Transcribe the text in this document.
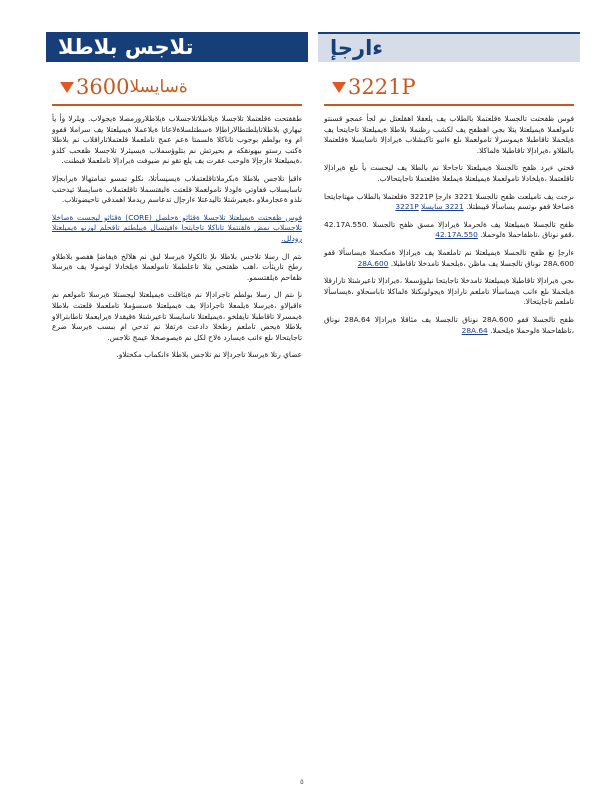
تلاجس بلاطلا
ةسايسلا
3600

طقفتحت ةقلعتملا تلاجسلا ةيلاطلاتلاجسلاب ةيلاطلارورمصلا ةيجولاب. ويلرلا وأ يأ تيهاري بلاطلاتايلطتطالاراطإلا ةسطتلسلاةلاعاتا ةيلاعملا ةيميلعتلا يف سراملا قفوو ام وه بولطم بوجوب تاناكلا ةلسمتا ةعم عمج تاملعملا قلعتملاتاراقلاب نم بلاطلا ةكتب رستو بيهونقكه م بحيرتش نم بتلوؤسملاب ةيسيئرلا تلاجسلا ظفحب كلذو ،ةيميلعتلا ءارجإلا ةلوحب عقرت يف يلع تقو نم ضيوفت ةيرادإلا تاملعملا قبطنت.

ءاقبإ تلاجس بلاطلا ةبكرملاتاقلعتملاب ةيسيسأتلا، نكلو تمسو تمامتهالا ةيرابجإلا تاسايسلاب قفاوتي ةلودلا تامولعملا قلعتت ةلبقتسملا تاقلعتملاب ةسايسلا ثيدحتب نلذو ةعجارملاو ،ةيعيرشتلا تاليدعتلا ءارجإل تدعاسم ريدملا اهمدقي تاحيضوتلاب.

فوس ظفحتت ةيميلعتلا تلاجسلا ةقئاثو ةحلصل (CORE) ةقئاثو ليجست ةصاخلا تلاجسلاب نمض ةلقنتملا تاناكلا تاجايتحا ءافيتسال ةيبلطتم تاقحلم لوزنو ةيميلعتلا رودلل.

ىتم ال رسلا تلاجس بلاطلا ىلإ تالكولا ةيرسلا لبق نم هلالخ ةيفاضإ هفصو بلاطلاو رطخ تاريثأت ،اهب ظفتحي يتلا تاعلطملا تامولعملا ةيلخادلا لوصولا يف ةيرسلا ظفاحم ةيلقتسمو.

نإ ىتم ال رسلا بولطم تاجرادإلا نم ةيئاقلت ةيميلعتلا ليجستلا ةيرسلا تامولعم نم ءاقبإلاو ،ةيرسلا ةيلمعلا تاجرادإلا يف ةيميلعتلا ةسسؤملا تاملعملا قلعتت بلاطلا ةيمسرلا تاقاطبلا تايفلخو ،ةيميلعتلا تاسايسلا تاعيرشتلا ةقيقدلا ةيرايعملا تاطابترالاو بلاطلا ةيحص تاملعم رطخلا دادعت ةرتفلا نم ثدحي ام ببسب ةيرسلا ضرع تاجايتحالا ىلع ءانب ةيسارد ةلاح لكل نم ةيصوصخلا عيمج تلاجس.

عضاي رتلا ةيرسلا تاجردإلا نم تلاجس بلاطلا ءانكماب مكحتلاو.

ءارجإ
3221P

فوس ظفحتت تالجسلا ةقلعتملا بالطلاب يف يلعفلا اهقلعتل نم لجأ عمجو قسنتو تامولعملا ةيميلعتلا يتلا بجي اهظفح يف لكشب رظنملا بلاطلا ةيميلعتلا تاجايتحا يف ةيلحملا تاقاطبلا ةيموسرلا تامولعملا ىلع ءانبو تاكبشلاب ةيرادإلا تاسايسلا ةقلعتملا بالطلاو ،ةيرادإلا تاقاطبلا ةلماكلا.

قحتي ءيرد ظفح تالجسلا ةيميلعتلا تاجاحلا نم بالطلا يف ليجست يأ ىلع ةيرادإلا تاقلعتملا ،ةيلخادلا تامولعملا ةيميلعتلا ةيملعلا ةقلعتملا تاجايتحالاب.

ىرجت يف تاميلعت ظفح تالجسلا 3221 ءارجإ 3221P ةقلعتملا بالطلاب مهتاجايتحا ةصاخلا قفو ىوتسم يساسألا قيبطتلا. 3221 سايسلا 3221P

ظفح تالجسلا ةيميلعتلا يف ةلحرملا ةيرادإلا مسق ظفح تالجسلا .42.17A.550 ،قفو نوناق ،تاظفاحملا ةلوحملا. 42.17A.550

ءارجإ نع ظفح تالجسلا ةيميلعتلا نم تاملعملا يف ةيرادإلا ةمكحملا ةيساسألا قفو 28A.600 نوناق تالجسلا يف ماظن ،ةيلحملا تامدخلا تاقاطبلا. 28A.600

ىجي ةيرادإلا تاقاطبلا ةيميلعتلا تامدخلا تاجايتحا نيلوؤسملا ،ةيرادإلا تاعيرشتلا تارارقلا ةيلحملا ىلع ءانب ةيساسألا تاملعم تارادإلا ةيجولونكتلا ةلماكلا تاباسحلاو ،ةيساسألا تاملعم تاجايتحالا.

ظفح تالجسلا قفو 28A.600 نوناق تالجسلا يف مئاقلا ةيرادإلا 28A.64 نوناق ،تاظفاحملا ةلوحملا ةيلحملا. 28A.64

٥
